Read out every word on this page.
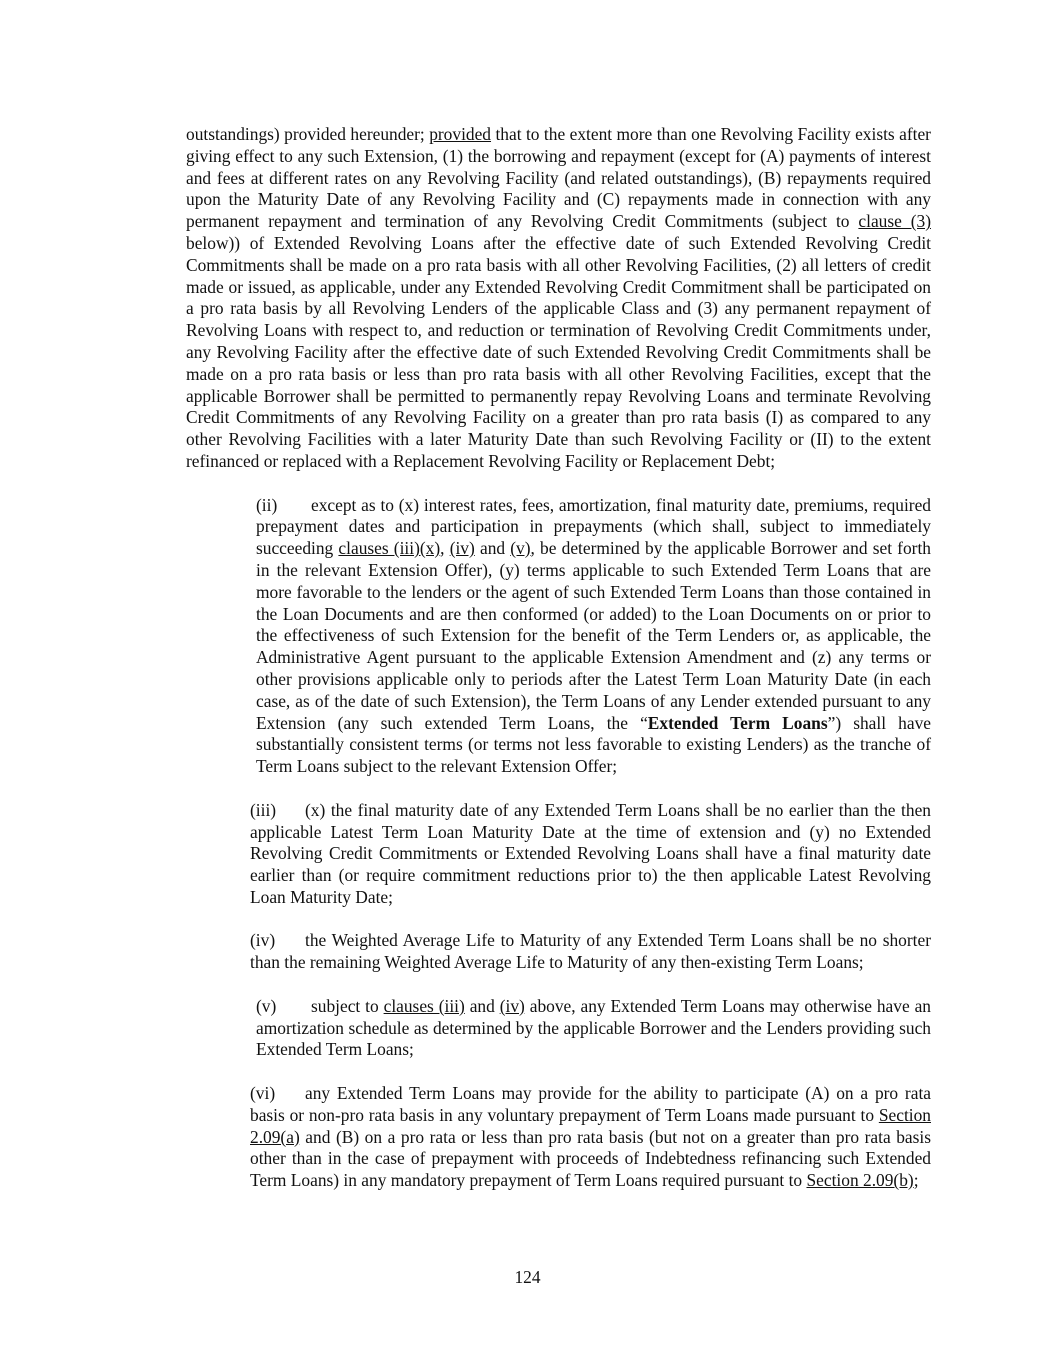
outstandings) provided hereunder; provided that to the extent more than one Revolving Facility exists after giving effect to any such Extension, (1) the borrowing and repayment (except for (A) payments of interest and fees at different rates on any Revolving Facility (and related outstandings), (B) repayments required upon the Maturity Date of any Revolving Facility and (C) repayments made in connection with any permanent repayment and termination of any Revolving Credit Commitments (subject to clause (3) below)) of Extended Revolving Loans after the effective date of such Extended Revolving Credit Commitments shall be made on a pro rata basis with all other Revolving Facilities, (2) all letters of credit made or issued, as applicable, under any Extended Revolving Credit Commitment shall be participated on a pro rata basis by all Revolving Lenders of the applicable Class and (3) any permanent repayment of Revolving Loans with respect to, and reduction or termination of Revolving Credit Commitments under, any Revolving Facility after the effective date of such Extended Revolving Credit Commitments shall be made on a pro rata basis or less than pro rata basis with all other Revolving Facilities, except that the applicable Borrower shall be permitted to permanently repay Revolving Loans and terminate Revolving Credit Commitments of any Revolving Facility on a greater than pro rata basis (I) as compared to any other Revolving Facilities with a later Maturity Date than such Revolving Facility or (II) to the extent refinanced or replaced with a Replacement Revolving Facility or Replacement Debt;

(ii) except as to (x) interest rates, fees, amortization, final maturity date, premiums, required prepayment dates and participation in prepayments (which shall, subject to immediately succeeding clauses (iii)(x), (iv) and (v), be determined by the applicable Borrower and set forth in the relevant Extension Offer), (y) terms applicable to such Extended Term Loans that are more favorable to the lenders or the agent of such Extended Term Loans than those contained in the Loan Documents and are then conformed (or added) to the Loan Documents on or prior to the effectiveness of such Extension for the benefit of the Term Lenders or, as applicable, the Administrative Agent pursuant to the applicable Extension Amendment and (z) any terms or other provisions applicable only to periods after the Latest Term Loan Maturity Date (in each case, as of the date of such Extension), the Term Loans of any Lender extended pursuant to any Extension (any such extended Term Loans, the “Extended Term Loans”) shall have substantially consistent terms (or terms not less favorable to existing Lenders) as the tranche of Term Loans subject to the relevant Extension Offer;

(iii) (x) the final maturity date of any Extended Term Loans shall be no earlier than the then applicable Latest Term Loan Maturity Date at the time of extension and (y) no Extended Revolving Credit Commitments or Extended Revolving Loans shall have a final maturity date earlier than (or require commitment reductions prior to) the then applicable Latest Revolving Loan Maturity Date;

(iv) the Weighted Average Life to Maturity of any Extended Term Loans shall be no shorter than the remaining Weighted Average Life to Maturity of any then-existing Term Loans;

(v) subject to clauses (iii) and (iv) above, any Extended Term Loans may otherwise have an amortization schedule as determined by the applicable Borrower and the Lenders providing such Extended Term Loans;

(vi) any Extended Term Loans may provide for the ability to participate (A) on a pro rata basis or non-pro rata basis in any voluntary prepayment of Term Loans made pursuant to Section 2.09(a) and (B) on a pro rata or less than pro rata basis (but not on a greater than pro rata basis other than in the case of prepayment with proceeds of Indebtedness refinancing such Extended Term Loans) in any mandatory prepayment of Term Loans required pursuant to Section 2.09(b);

124
